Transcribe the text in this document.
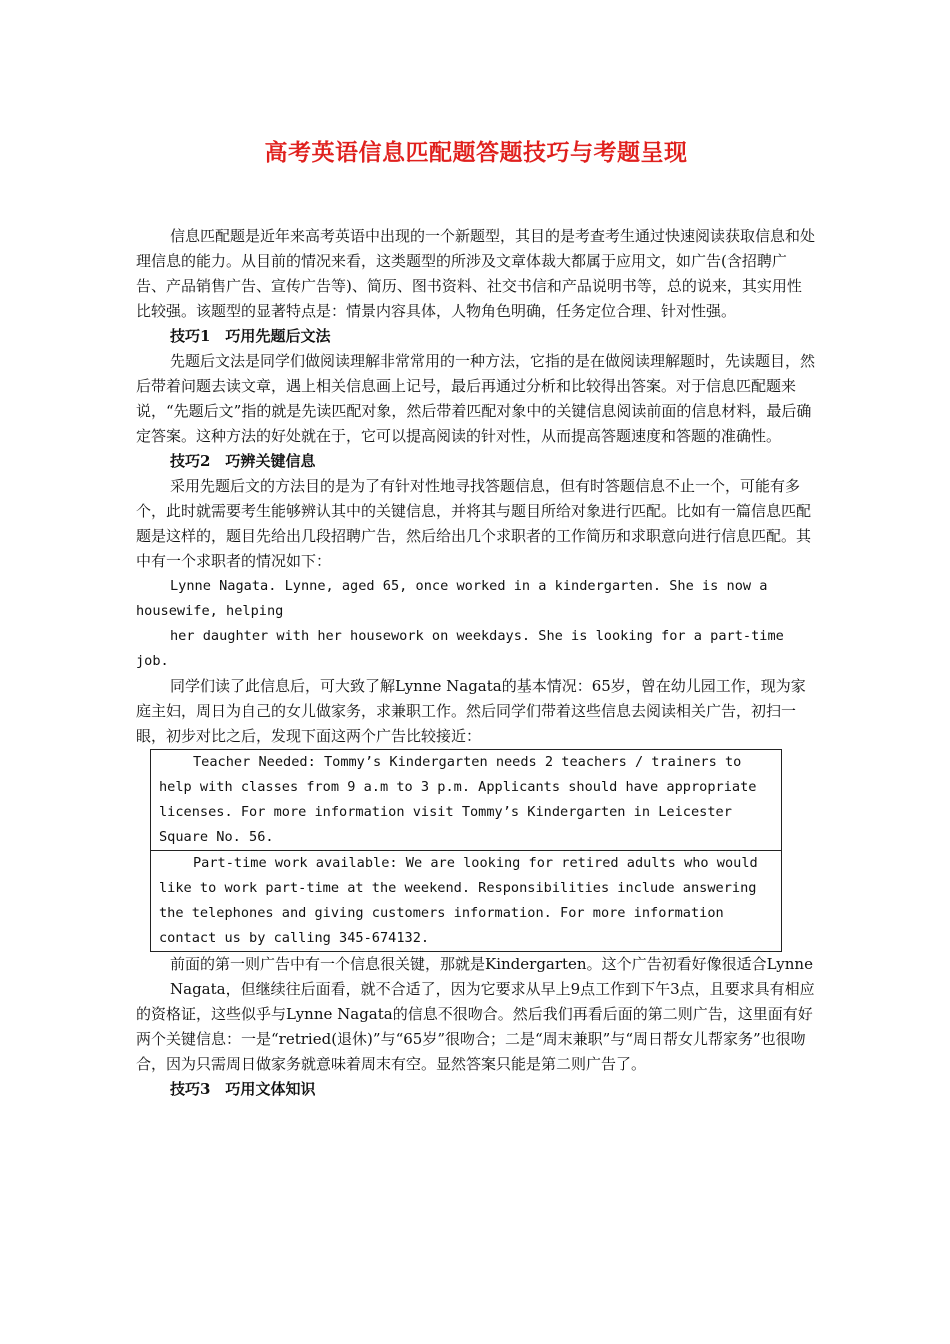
高考英语信息匹配题答题技巧与考题呈现

信息匹配题是近年来高考英语中出现的一个新题型，其目的是考查考生通过快速阅读获取信息和处理信息的能力。从目前的情况来看，这类题型的所涉及文章体裁大都属于应用文，如广告(含招聘广告、产品销售广告、宣传广告等)、简历、图书资料、社交书信和产品说明书等，总的说来，其实用性比较强。该题型的显著特点是：情景内容具体，人物角色明确，任务定位合理、针对性强。

技巧1　巧用先题后文法

先题后文法是同学们做阅读理解非常常用的一种方法，它指的是在做阅读理解题时，先读题目，然后带着问题去读文章，遇上相关信息画上记号，最后再通过分析和比较得出答案。对于信息匹配题来说，“先题后文”指的就是先读匹配对象，然后带着匹配对象中的关键信息阅读前面的信息材料，最后确定答案。这种方法的好处就在于，它可以提高阅读的针对性，从而提高答题速度和答题的准确性。

技巧2　巧辨关键信息

采用先题后文的方法目的是为了有针对性地寻找答题信息，但有时答题信息不止一个，可能有多个，此时就需要考生能够辨认其中的关键信息，并将其与题目所给对象进行匹配。比如有一篇信息匹配题是这样的，题目先给出几段招聘广告，然后给出几个求职者的工作简历和求职意向进行信息匹配。其中有一个求职者的情况如下：

Lynne Nagata. Lynne, aged 65, once worked in a kindergarten. She is now a housewife, helping

her daughter with her housework on weekdays. She is looking for a part-time job.

同学们读了此信息后，可大致了解Lynne Nagata的基本情况：65岁，曾在幼儿园工作，现为家庭主妇，周日为自己的女儿做家务，求兼职工作。然后同学们带着这些信息去阅读相关广告，初扫一眼，初步对比之后，发现下面这两个广告比较接近：

Teacher Needed: Tommy’s Kindergarten needs 2 teachers / trainers to help with classes from 9 a.m to 3 p.m. Applicants should have appropriate licenses. For more information visit Tommy’s Kindergarten in Leicester Square No. 56.
Part-time work available: We are looking for retired adults who would like to work part-time at the weekend. Responsibilities include answering the telephones and giving customers information. For more information contact us by calling 345-674132.

前面的第一则广告中有一个信息很关键，那就是Kindergarten。这个广告初看好像很适合Lynne

Nagata，但继续往后面看，就不合适了，因为它要求从早上9点工作到下午3点，且要求具有相应的资格证，这些似乎与Lynne Nagata的信息不很吻合。然后我们再看后面的第二则广告，这里面有好两个关键信息：一是“retried(退休)”与“65岁”很吻合；二是“周末兼职”与“周日帮女儿帮家务”也很吻合，因为只需周日做家务就意味着周末有空。显然答案只能是第二则广告了。

技巧3　巧用文体知识
